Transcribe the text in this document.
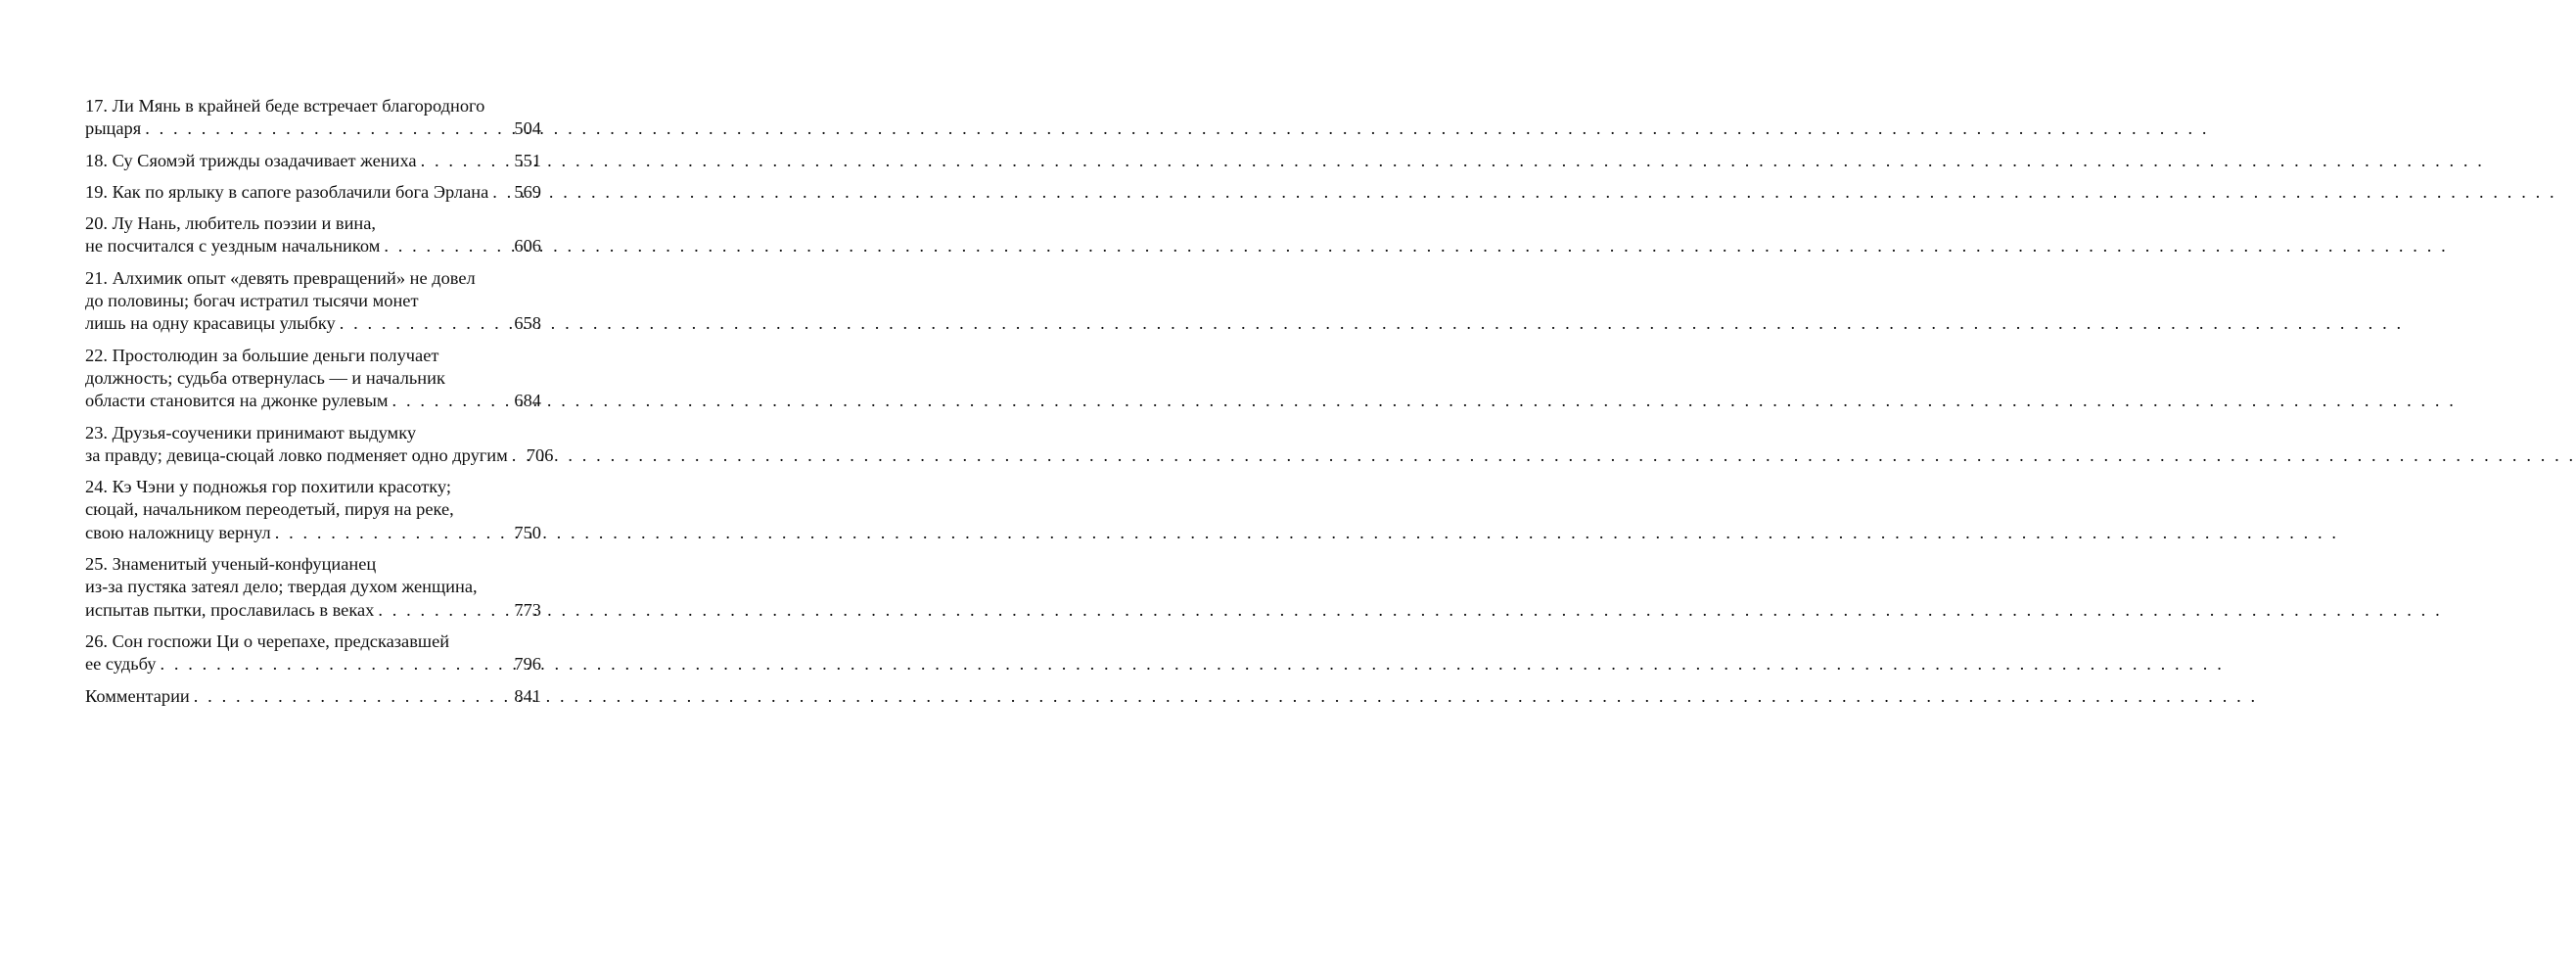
17. Ли Мянь в крайней беде встречает благородного
рыцаря . . .	504
18. Су Сяомэй трижды озадачивает жениха . . .	551
19. Как по ярлыку в сапоге разоблачили бога Эрлана . . . 569
20. Лу Нань, любитель поэзии и вина,
не посчитался с уездным начальником . . .	606
21. Алхимик опыт «девять превращений» не довел
до половины; богач истратил тысячи монет
лишь на одну красавицы улыбку . . .	658
22. Простолюдин за большие деньги получает
должность; судьба отвернулась — и начальник
области становится на джонке рулевым . . .	684
23. Друзья-соученики принимают выдумку
за правду; девица-сюцай ловко подменяет одно другим . . . 706
24. Кэ Чэни у подножья гор похитили красотку;
сюцай, начальником переодетый, пируя на реке,
свою наложницу вернул . . .	750
25. Знаменитый ученый-конфуцианец
из-за пустяка затеял дело; твердая духом женщина,
испытав пытки, прославилась в веках . . .	773
26. Сон госпожи Ци о черепахе, предсказавшей
ее судьбу . . .	796
Комментарии . . .	841
